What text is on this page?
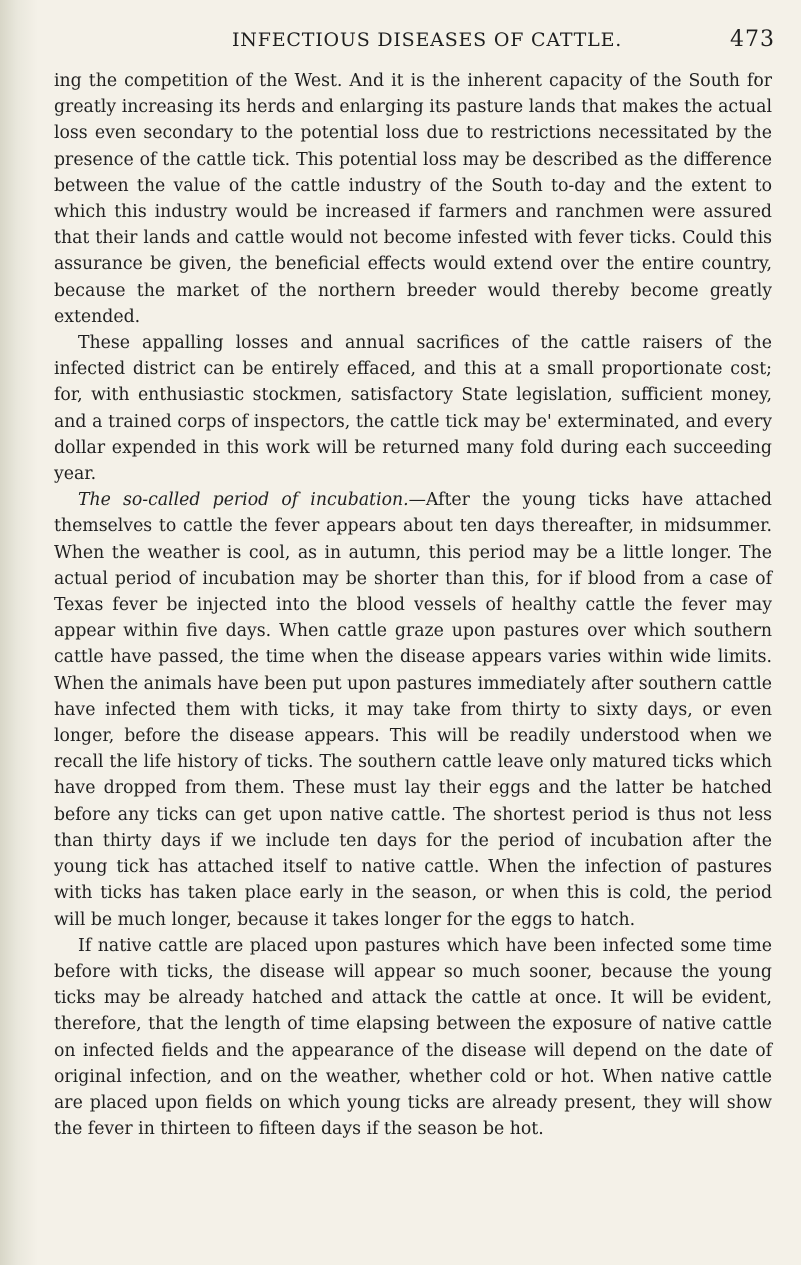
INFECTIOUS DISEASES OF CATTLE.	473

ing the competition of the West. And it is the inherent capacity of the South for greatly increasing its herds and enlarging its pasture lands that makes the actual loss even secondary to the potential loss due to restrictions necessitated by the presence of the cattle tick. This potential loss may be described as the difference between the value of the cattle industry of the South to-day and the extent to which this industry would be increased if farmers and ranchmen were assured that their lands and cattle would not become infested with fever ticks. Could this assurance be given, the beneficial effects would extend over the entire country, because the market of the northern breeder would thereby become greatly extended.

These appalling losses and annual sacrifices of the cattle raisers of the infected district can be entirely effaced, and this at a small proportionate cost; for, with enthusiastic stockmen, satisfactory State legislation, sufficient money, and a trained corps of inspectors, the cattle tick may be' exterminated, and every dollar expended in this work will be returned many fold during each succeeding year.

The so-called period of incubation.—After the young ticks have attached themselves to cattle the fever appears about ten days thereafter, in midsummer. When the weather is cool, as in autumn, this period may be a little longer. The actual period of incubation may be shorter than this, for if blood from a case of Texas fever be injected into the blood vessels of healthy cattle the fever may appear within five days. When cattle graze upon pastures over which southern cattle have passed, the time when the disease appears varies within wide limits. When the animals have been put upon pastures immediately after southern cattle have infected them with ticks, it may take from thirty to sixty days, or even longer, before the disease appears. This will be readily understood when we recall the life history of ticks. The southern cattle leave only matured ticks which have dropped from them. These must lay their eggs and the latter be hatched before any ticks can get upon native cattle. The shortest period is thus not less than thirty days if we include ten days for the period of incubation after the young tick has attached itself to native cattle. When the infection of pastures with ticks has taken place early in the season, or when this is cold, the period will be much longer, because it takes longer for the eggs to hatch.

If native cattle are placed upon pastures which have been infected some time before with ticks, the disease will appear so much sooner, because the young ticks may be already hatched and attack the cattle at once. It will be evident, therefore, that the length of time elapsing between the exposure of native cattle on infected fields and the appearance of the disease will depend on the date of original infection, and on the weather, whether cold or hot. When native cattle are placed upon fields on which young ticks are already present, they will show the fever in thirteen to fifteen days if the season be hot.
